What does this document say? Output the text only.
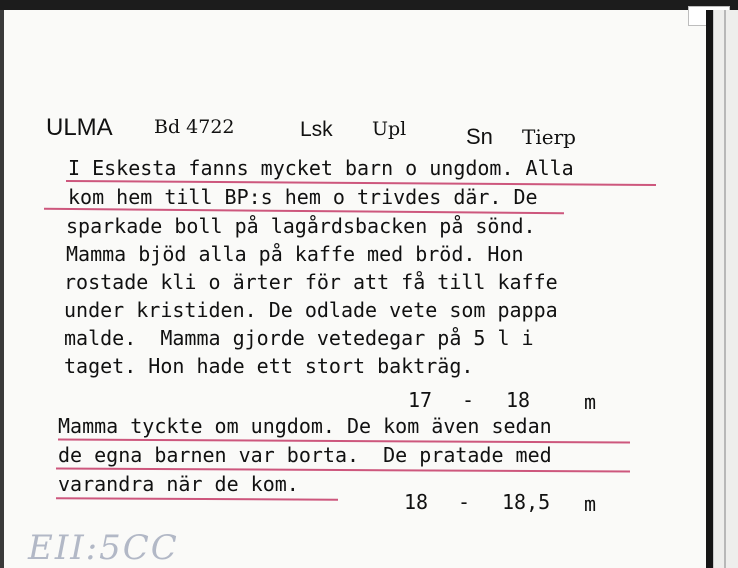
ULMA Bd 4722	Lsk Upl	Sn Tierp
I Eskesta fanns mycket barn o ungdom. Alla
kom hem till BP:s hem o trivdes där. De
sparkade boll på lagårdsbacken på sönd.
Mamma bjöd alla på kaffe med bröd. Hon
rostade kli o ärter för att få till kaffe
under kristiden. De odlade vete som pappa
malde.  Mamma gjorde vetedegar på 5 l i
taget. Hon hade ett stort bakträg.
17 - 18	m
Mamma tyckte om ungdom. De kom även sedan
de egna barnen var borta.  De pratade med
varandra när de kom.
18 - 18,5 m
EII:5CC
